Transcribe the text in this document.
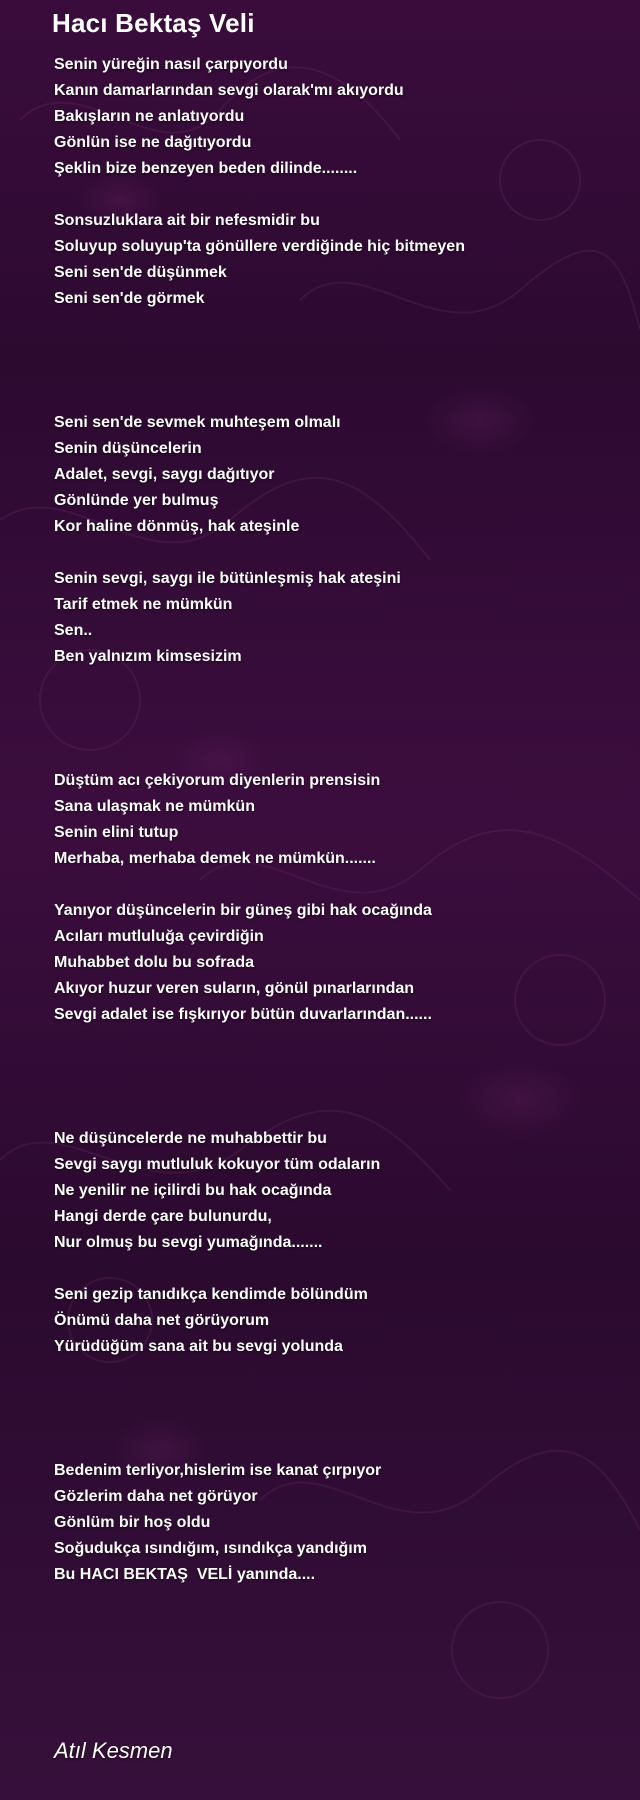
Hacı Bektaş Veli
Senin yüreğin nasıl çarpıyordu
Kanın damarlarından sevgi olarak'mı akıyordu
Bakışların ne anlatıyordu
Gönlün ise ne dağıtıyordu
Şeklin bize benzeyen beden dilinde........
Sonsuzluklara ait bir nefesmidir bu
Soluyup soluyup'ta gönüllere verdiğinde hiç bitmeyen
Seni sen'de düşünmek
Seni sen'de görmek
Seni sen'de sevmek muhteşem olmalı
Senin düşüncelerin
Adalet, sevgi, saygı dağıtıyor
Gönlünde yer bulmuş
Kor haline dönmüş, hak ateşinle
Senin sevgi, saygı ile bütünleşmiş hak ateşini
Tarif etmek ne mümkün
Sen..
Ben yalnızım kimsesizim
Düştüm acı çekiyorum diyenlerin prensisin
Sana ulaşmak ne mümkün
Senin elini tutup
Merhaba, merhaba demek ne mümkün.......
Yanıyor düşüncelerin bir güneş gibi hak ocağında
Acıları mutluluğa çevirdiğin
Muhabbet dolu bu sofrada
Akıyor huzur veren suların, gönül pınarlarından
Sevgi adalet ise fışkırıyor bütün duvarlarından......
Ne düşüncelerde ne muhabbettir bu
Sevgi saygı mutluluk kokuyor tüm odaların
Ne yenilir ne içilirdi bu hak ocağında
Hangi derde çare bulunurdu,
Nur olmuş bu sevgi yumağında.......
Seni gezip tanıdıkça kendimde bölündüm
Önümü daha net görüyorum
Yürüdüğüm sana ait bu sevgi yolunda
Bedenim terliyor,hislerim ise kanat çırpıyor
Gözlerim daha net görüyor
Gönlüm bir hoş oldu
Soğudukça ısındığım, ısındıkça yandığım
Bu HACI BEKTAŞ  VELİ yanında....
Atıl Kesmen
